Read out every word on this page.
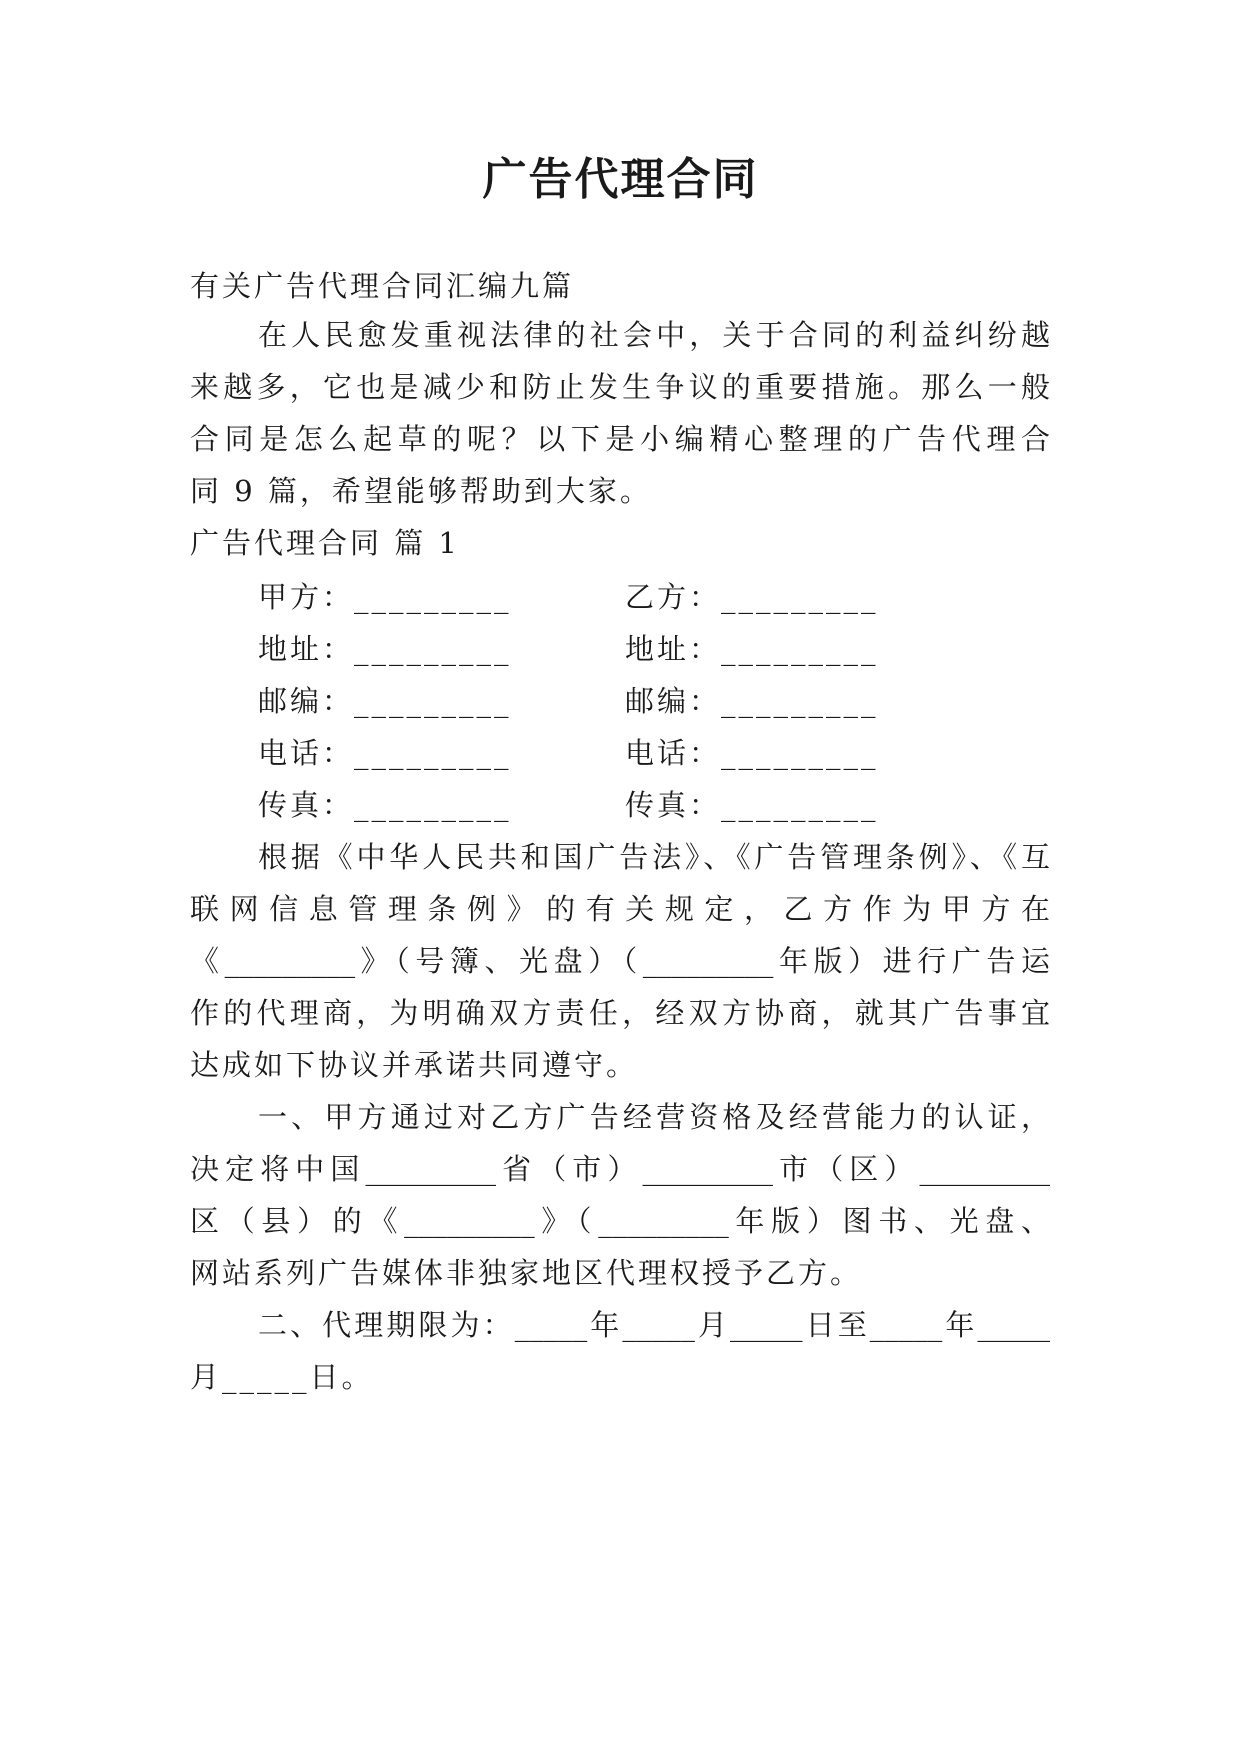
广告代理合同
有关广告代理合同汇编九篇
在人民愈发重视法律的社会中，关于合同的利益纠纷越
来越多，它也是减少和防止发生争议的重要措施。那么一般
合同是怎么起草的呢？以下是小编精心整理的广告代理合
同 9 篇，希望能够帮助到大家。
广告代理合同 篇 1
甲方：_________	乙方：_________
地址：_________	地址：_________
邮编：_________	邮编：_________
电话：_________	电话：_________
传真：_________	传真：_________
根据《中华人民共和国广告法》、《广告管理条例》、《互
联网信息管理条例》的有关规定，乙方作为甲方在
《_________》（号簿、光盘）（_________年版）进行广告运
作的代理商，为明确双方责任，经双方协商，就其广告事宜
达成如下协议并承诺共同遵守。
一、甲方通过对乙方广告经营资格及经营能力的认证，
决定将中国_________省（市）_________市（区）_________
区（县）的《_________》（_________年版）图书、光盘、
网站系列广告媒体非独家地区代理权授予乙方。
二、代理期限为：_____年_____月_____日至_____年_____
月_____日。
